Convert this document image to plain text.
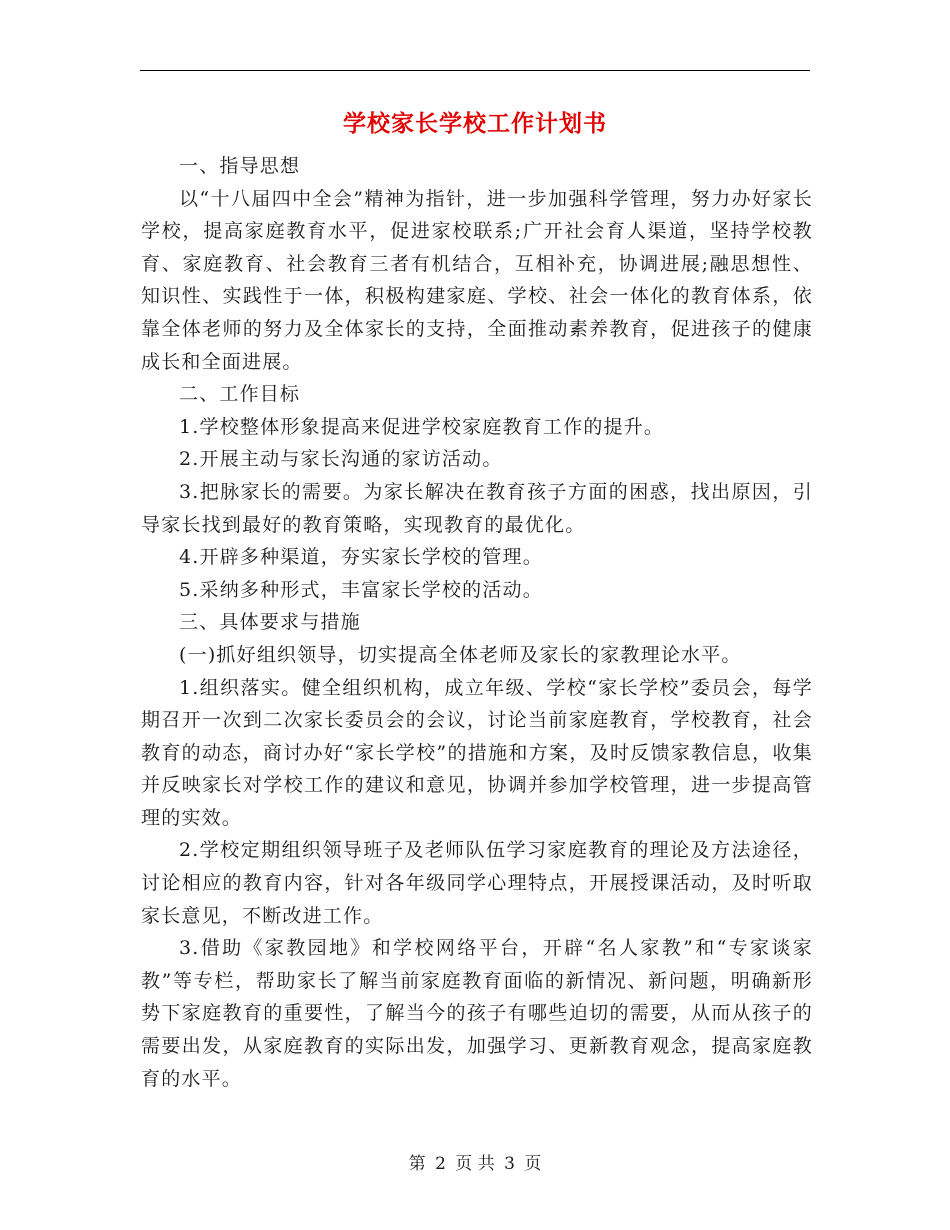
学校家长学校工作计划书

一、指导思想

以“十八届四中全会”精神为指针，进一步加强科学管理，努力办好家长学校，提高家庭教育水平，促进家校联系;广开社会育人渠道，坚持学校教育、家庭教育、社会教育三者有机结合，互相补充，协调进展;融思想性、知识性、实践性于一体，积极构建家庭、学校、社会一体化的教育体系，依靠全体老师的努力及全体家长的支持，全面推动素养教育，促进孩子的健康成长和全面进展。

二、工作目标

1.学校整体形象提高来促进学校家庭教育工作的提升。

2.开展主动与家长沟通的家访活动。

3.把脉家长的需要。为家长解决在教育孩子方面的困惑，找出原因，引导家长找到最好的教育策略，实现教育的最优化。

4.开辟多种渠道，夯实家长学校的管理。

5.采纳多种形式，丰富家长学校的活动。

三、具体要求与措施

(一)抓好组织领导，切实提高全体老师及家长的家教理论水平。

1.组织落实。健全组织机构，成立年级、学校“家长学校”委员会，每学期召开一次到二次家长委员会的会议，讨论当前家庭教育，学校教育，社会教育的动态，商讨办好“家长学校”的措施和方案，及时反馈家教信息，收集并反映家长对学校工作的建议和意见，协调并参加学校管理，进一步提高管理的实效。

2.学校定期组织领导班子及老师队伍学习家庭教育的理论及方法途径，讨论相应的教育内容，针对各年级同学心理特点，开展授课活动，及时听取家长意见，不断改进工作。

3.借助《家教园地》和学校网络平台，开辟“名人家教”和“专家谈家教”等专栏，帮助家长了解当前家庭教育面临的新情况、新问题，明确新形势下家庭教育的重要性，了解当今的孩子有哪些迫切的需要，从而从孩子的需要出发，从家庭教育的实际出发，加强学习、更新教育观念，提高家庭教育的水平。

第 2 页 共 3 页
